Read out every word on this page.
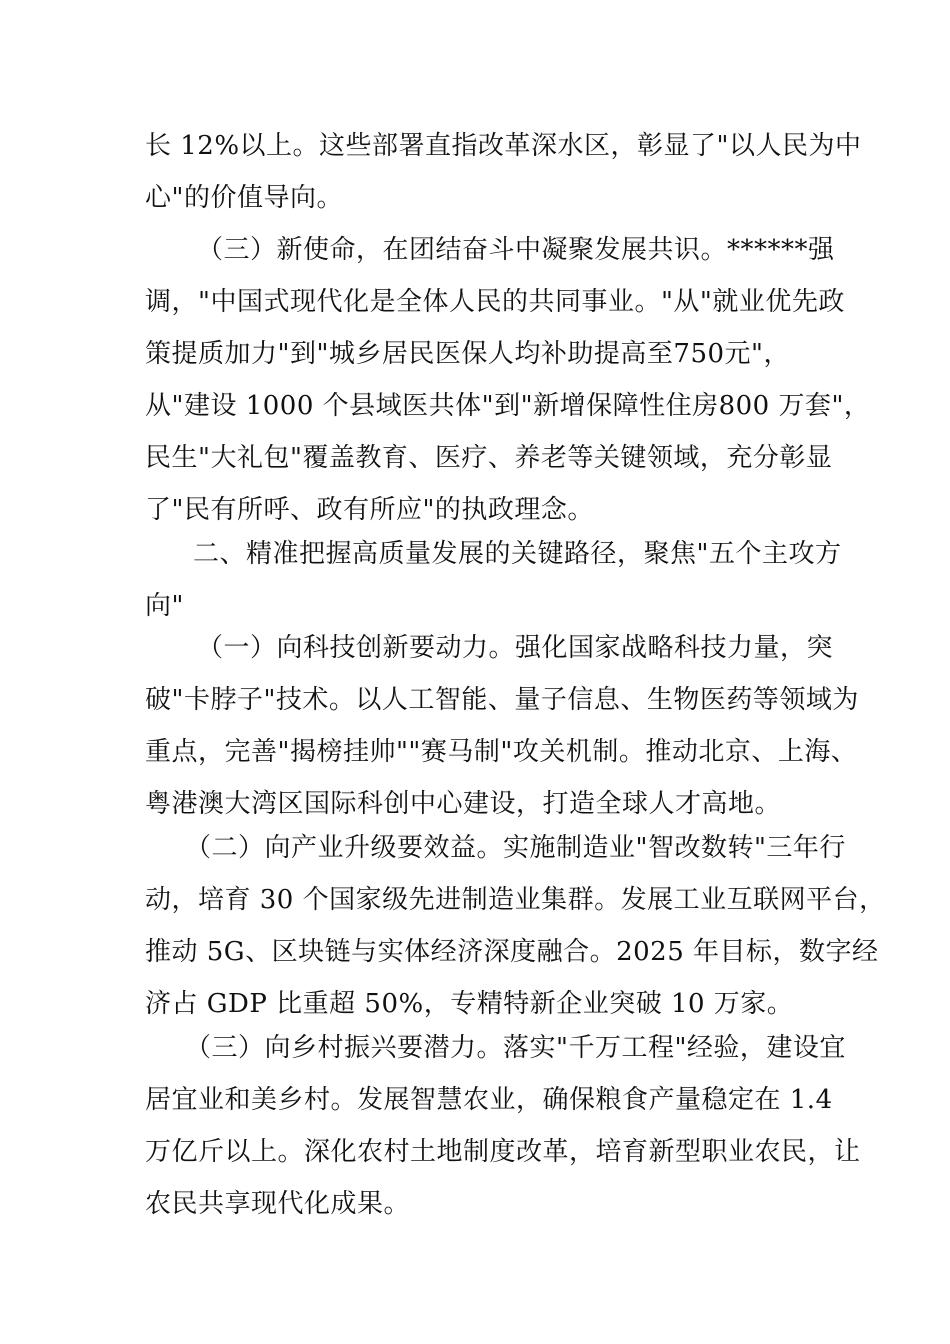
长 12%以上。这些部署直指改革深水区，彰显了"以人民为中
心"的价值导向。
（三）新使命，在团结奋斗中凝聚发展共识。******强
调，"中国式现代化是全体人民的共同事业。"从"就业优先政
策提质加力"到"城乡居民医保人均补助提高至750元"，
从"建设 1000 个县域医共体"到"新增保障性住房800 万套"，
民生"大礼包"覆盖教育、医疗、养老等关键领域，充分彰显
了"民有所呼、政有所应"的执政理念。
二、精准把握高质量发展的关键路径，聚焦"五个主攻方
向"
（一）向科技创新要动力。强化国家战略科技力量，突
破"卡脖子"技术。以人工智能、量子信息、生物医药等领域为
重点，完善"揭榜挂帅""赛马制"攻关机制。推动北京、上海、
粤港澳大湾区国际科创中心建设，打造全球人才高地。
（二）向产业升级要效益。实施制造业"智改数转"三年行
动，培育 30 个国家级先进制造业集群。发展工业互联网平台，
推动 5G、区块链与实体经济深度融合。2025 年目标，数字经
济占 GDP 比重超 50%，专精特新企业突破 10 万家。
（三）向乡村振兴要潜力。落实"千万工程"经验，建设宜
居宜业和美乡村。发展智慧农业，确保粮食产量稳定在 1.4
万亿斤以上。深化农村土地制度改革，培育新型职业农民，让
农民共享现代化成果。
